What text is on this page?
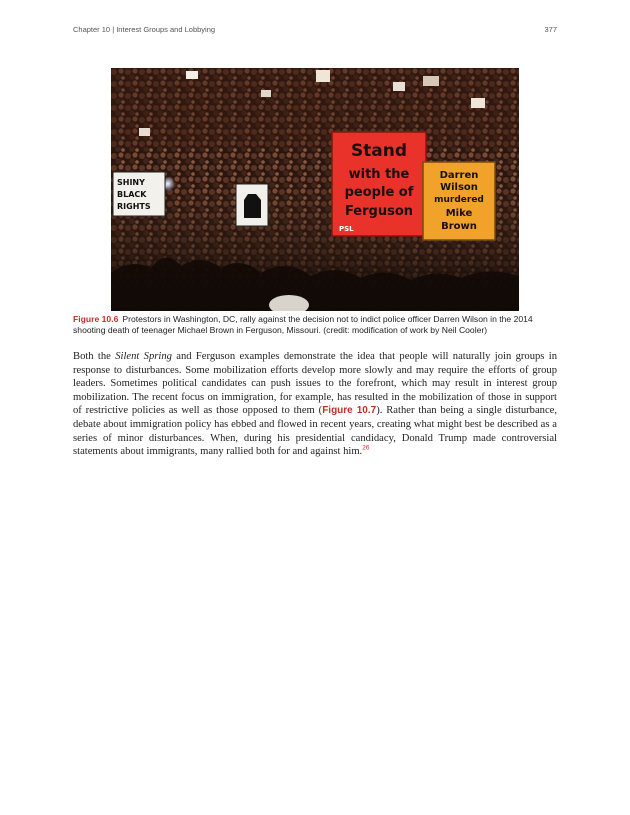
Chapter 10 | Interest Groups and Lobbying	377
SHINY
BLACK
RIGHTS
Stand
with the
people of
Ferguson
PSL
Darren
Wilson
murdered
Mike
Brown
Figure 10.6 Protestors in Washington, DC, rally against the decision not to indict police officer Darren Wilson in the 2014 shooting death of teenager Michael Brown in Ferguson, Missouri. (credit: modification of work by Neil Cooler)

Both the Silent Spring and Ferguson examples demonstrate the idea that people will naturally join groups in response to disturbances. Some mobilization efforts develop more slowly and may require the efforts of group leaders. Sometimes political candidates can push issues to the forefront, which may result in interest group mobilization. The recent focus on immigration, for example, has resulted in the mobilization of those in support of restrictive policies as well as those opposed to them (Figure 10.7). Rather than being a single disturbance, debate about immigration policy has ebbed and flowed in recent years, creating what might best be described as a series of minor disturbances. When, during his presidential candidacy, Donald Trump made controversial statements about immigrants, many rallied both for and against him.$^{26}$
